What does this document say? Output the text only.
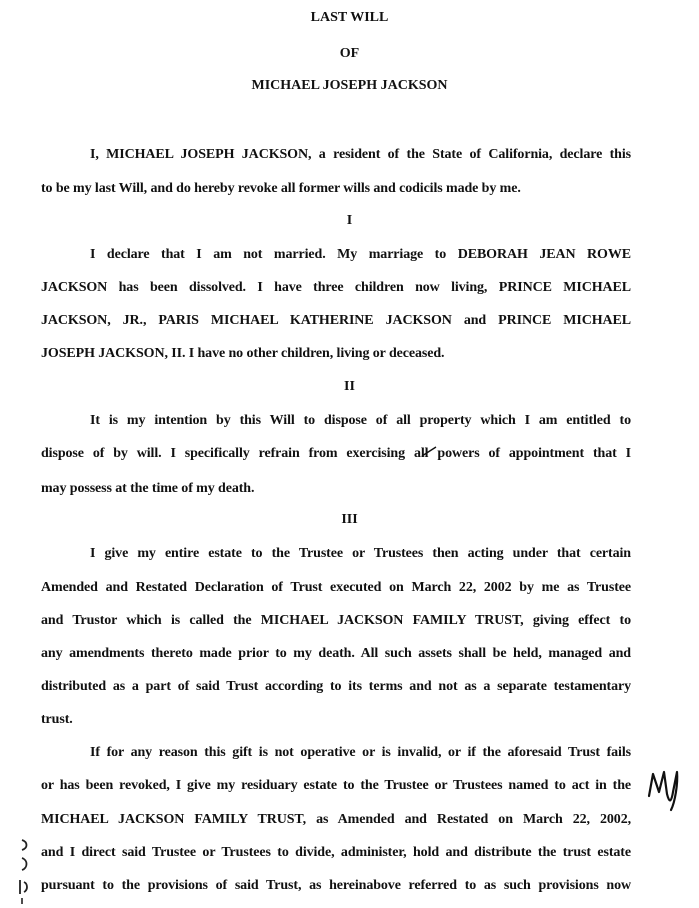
LAST WILL
OF
MICHAEL JOSEPH JACKSON
I, MICHAEL JOSEPH JACKSON, a resident of the State of California, declare this
to be my last Will, and do hereby revoke all former wills and codicils made by me.
I
I declare that I am not married. My marriage to DEBORAH JEAN ROWE
JACKSON has been dissolved. I have three children now living, PRINCE MICHAEL
JACKSON, JR., PARIS MICHAEL KATHERINE JACKSON and PRINCE MICHAEL
JOSEPH JACKSON, II. I have no other children, living or deceased.
II
It is my intention by this Will to dispose of all property which I am entitled to
dispose of by will. I specifically refrain from exercising all powers of appointment that I
may possess at the time of my death.
III
I give my entire estate to the Trustee or Trustees then acting under that certain
Amended and Restated Declaration of Trust executed on March 22, 2002 by me as Trustee
and Trustor which is called the MICHAEL JACKSON FAMILY TRUST, giving effect to
any amendments thereto made prior to my death. All such assets shall be held, managed and
distributed as a part of said Trust according to its terms and not as a separate testamentary
trust.
If for any reason this gift is not operative or is invalid, or if the aforesaid Trust fails
or has been revoked, I give my residuary estate to the Trustee or Trustees named to act in the
MICHAEL JACKSON FAMILY TRUST, as Amended and Restated on March 22, 2002,
and I direct said Trustee or Trustees to divide, administer, hold and distribute the trust estate
pursuant to the provisions of said Trust, as hereinabove referred to as such provisions now
